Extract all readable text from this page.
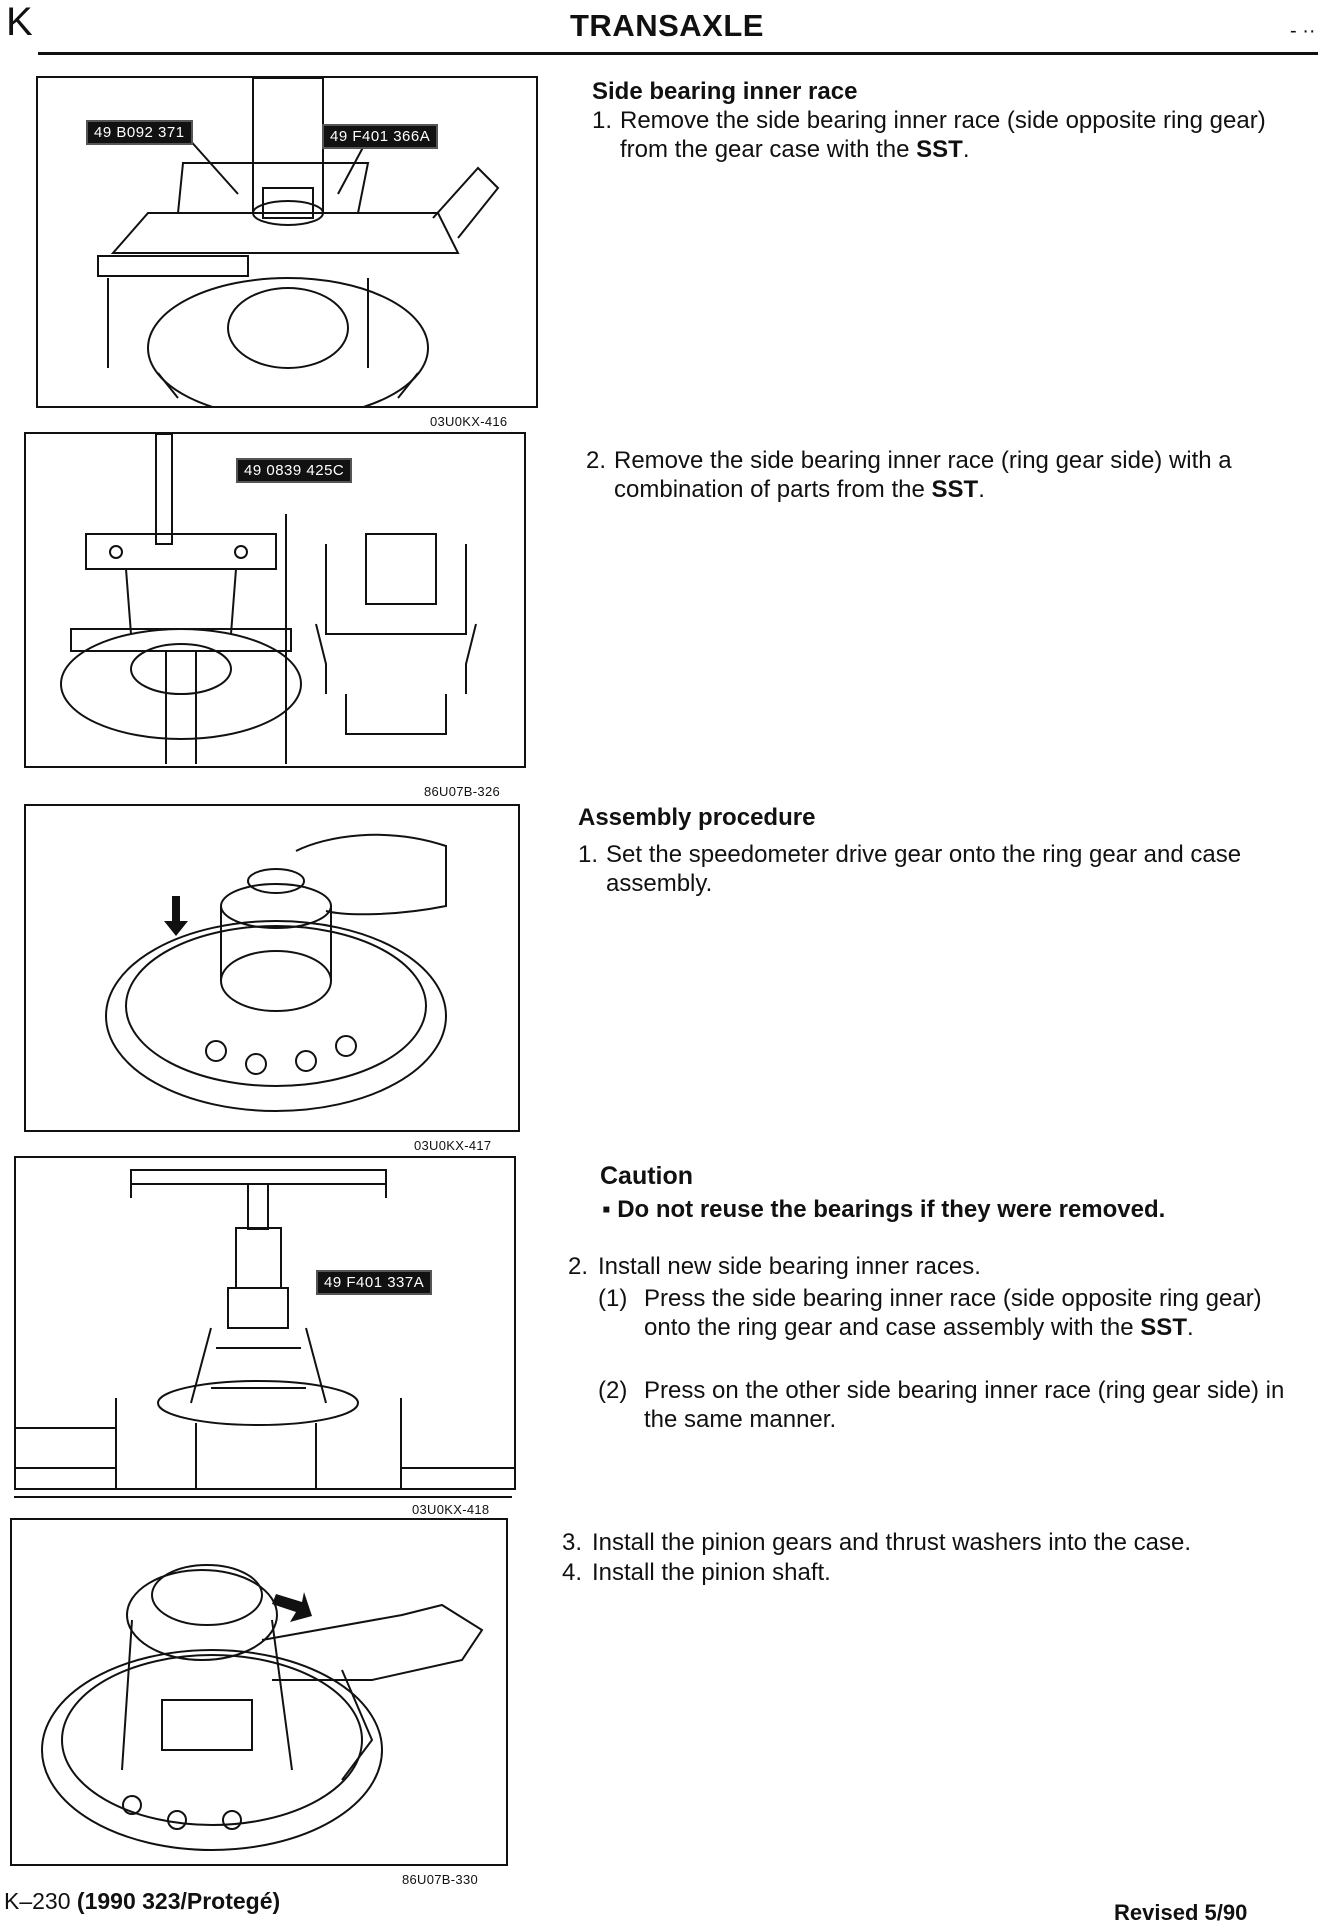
K	TRANSAXLE	- ··
49 B092 371	49 F401 366A
03U0KX-416
49 0839 425C
86U07B-326
03U0KX-417
49 F401 337A
03U0KX-418
86U07B-330
Side bearing inner race
1. Remove the side bearing inner race (side opposite ring gear) from the gear case with the SST.
2. Remove the side bearing inner race (ring gear side) with a combination of parts from the SST.
Assembly procedure
1. Set the speedometer drive gear onto the ring gear and case assembly.
Caution
▪ Do not reuse the bearings if they were removed.
2. Install new side bearing inner races.
(1) Press the side bearing inner race (side opposite ring gear) onto the ring gear and case assembly with the SST.
(2) Press on the other side bearing inner race (ring gear side) in the same manner.
3. Install the pinion gears and thrust washers into the case.
4. Install the pinion shaft.
K–230 (1990 323/Protegé)	Revised 5/90
